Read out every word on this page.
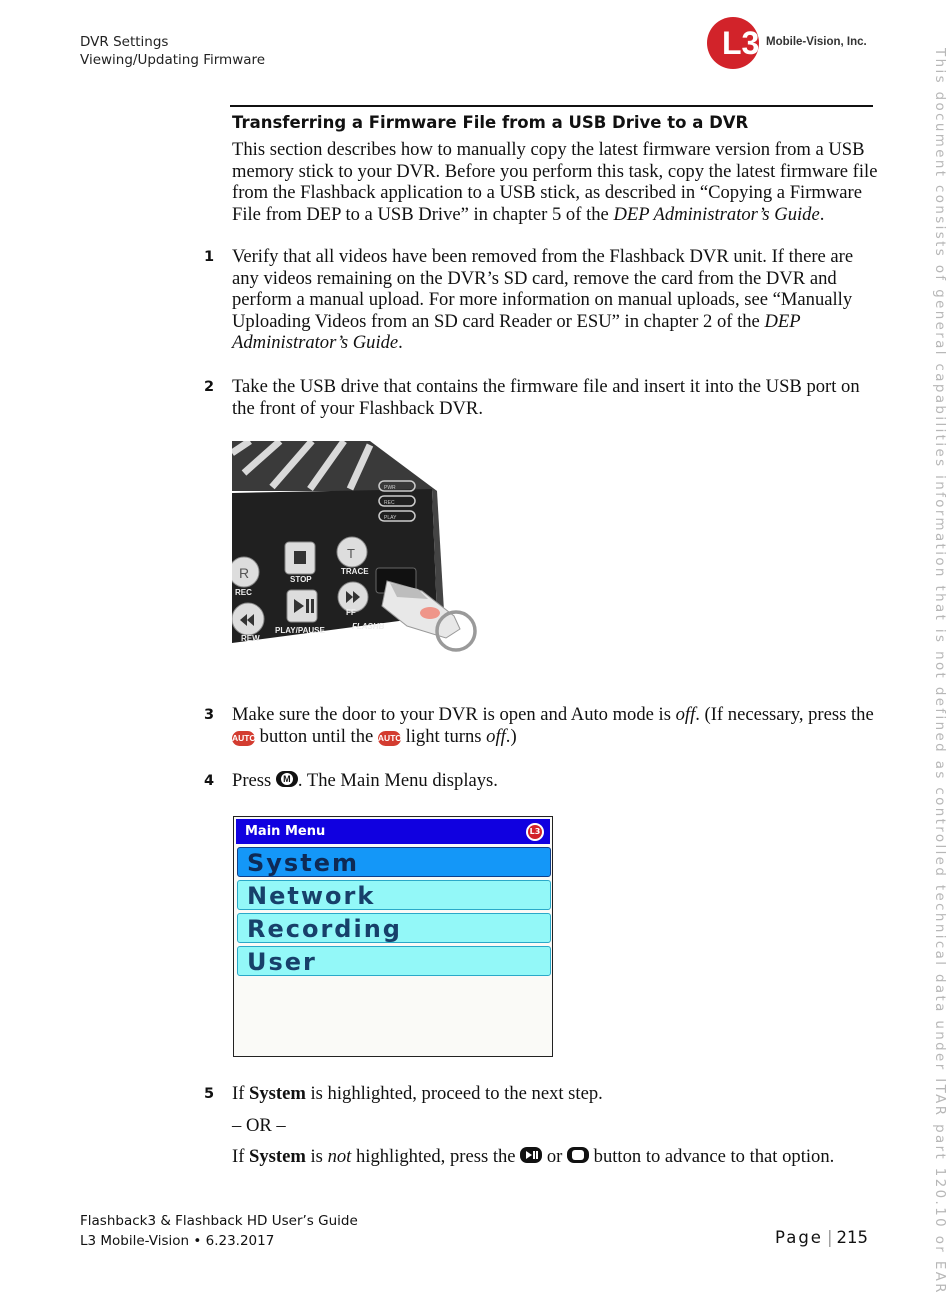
DVR Settings
Viewing/Updating Firmware	L3 Mobile-Vision, Inc.
This document consists of general capabilities information that is not defined as controlled technical data under ITAR part 120.10 or EAR
Transferring a Firmware File from a USB Drive to a DVR
This section describes how to manually copy the latest firmware version from a USB memory stick to your DVR. Before you perform this task, copy the latest firmware file from the Flashback application to a USB stick, as described in “Copying a Firmware File from DEP to a USB Drive” in chapter 5 of the DEP Administrator’s Guide.
1 Verify that all videos have been removed from the Flashback DVR unit. If there are any videos remaining on the DVR’s SD card, remove the card from the DVR and perform a manual upload. For more information on manual uploads, see “Manually Uploading Videos from an SD card Reader or ESU” in chapter 2 of the DEP Administrator’s Guide.
2 Take the USB drive that contains the firmware file and insert it into the USB port on the front of your Flashback DVR.
R
T
REC
STOP
TRACE
REW
PLAY/PAUSE
FF
FLASHB
PWR
REC
PLAY
3 Make sure the door to your DVR is open and Auto mode is off. (If necessary, press the AUTO button until the AUTO light turns off.)
4 Press M . The Main Menu displays.
Main Menu	L3
System
Network
Recording
User
5 If System is highlighted, proceed to the next step.
– OR –
If System is not highlighted, press the
or
button to advance to that option.
Flashback3 & Flashback HD User’s Guide
L3 Mobile-Vision • 6.23.2017	Page | 215
